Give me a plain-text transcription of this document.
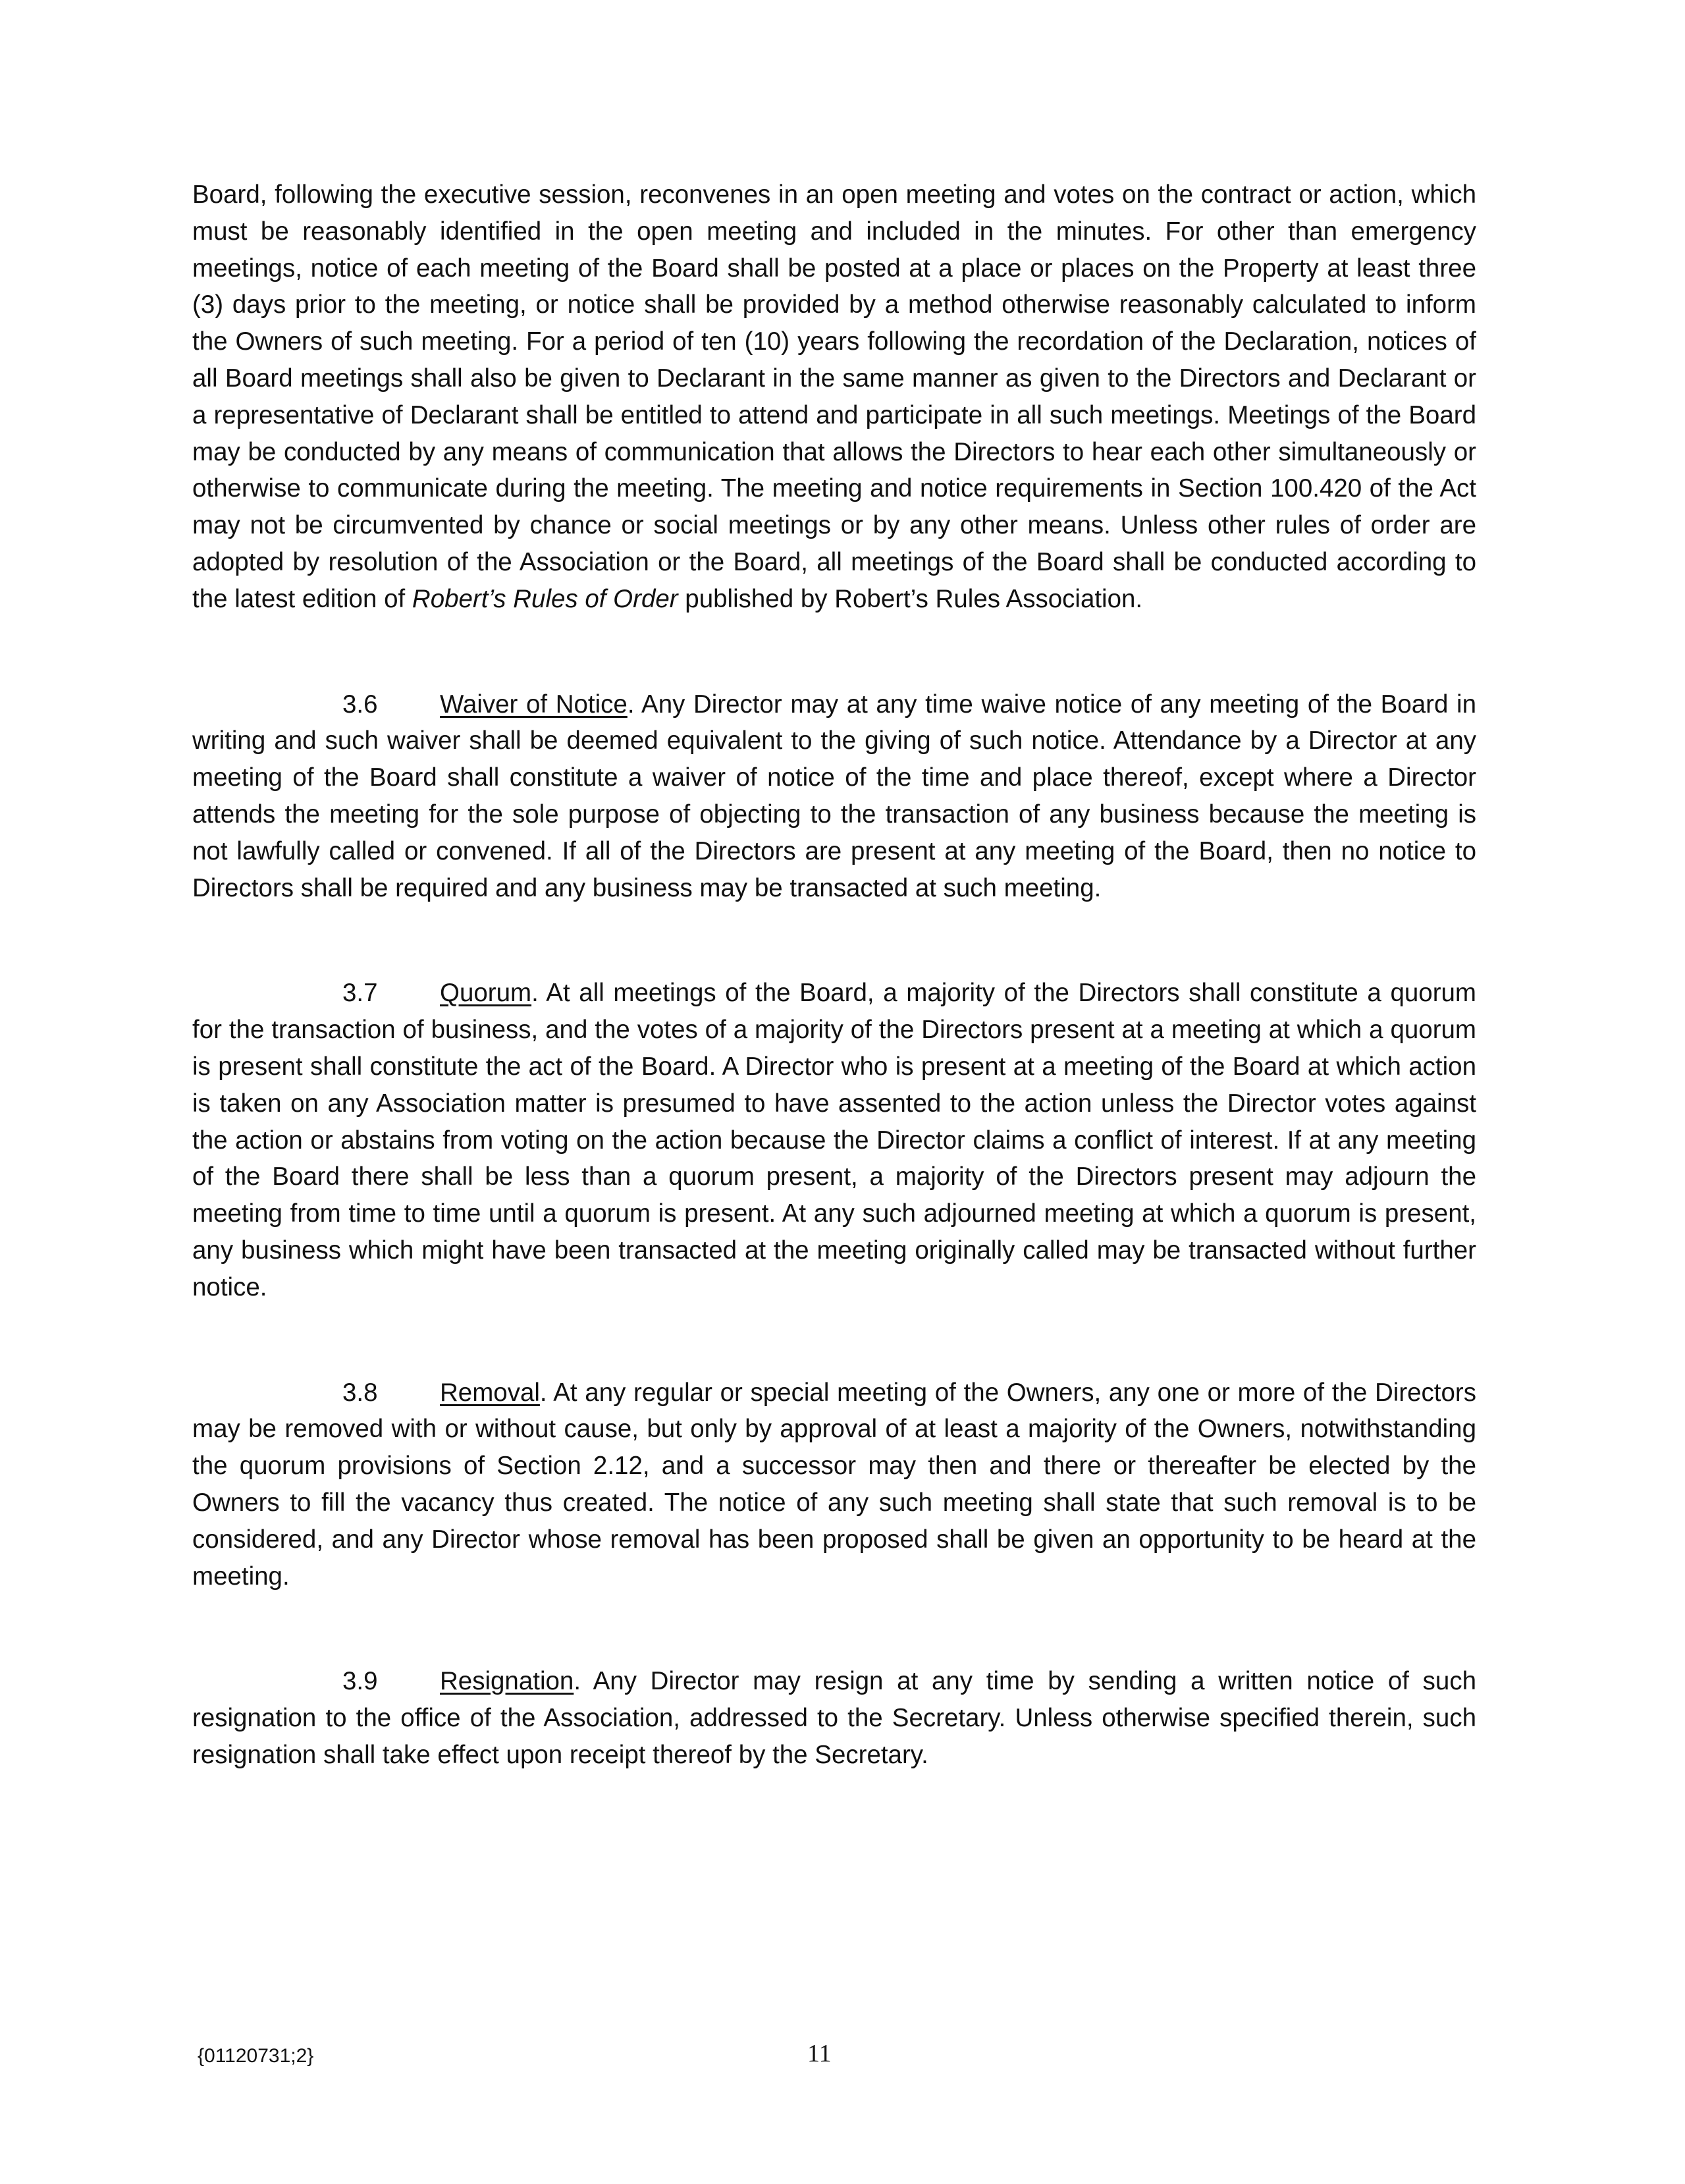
Board, following the executive session, reconvenes in an open meeting and votes on the contract or action, which must be reasonably identified in the open meeting and included in the minutes. For other than emergency meetings, notice of each meeting of the Board shall be posted at a place or places on the Property at least three (3) days prior to the meeting, or notice shall be provided by a method otherwise reasonably calculated to inform the Owners of such meeting. For a period of ten (10) years following the recordation of the Declaration, notices of all Board meetings shall also be given to Declarant in the same manner as given to the Directors and Declarant or a representative of Declarant shall be entitled to attend and participate in all such meetings. Meetings of the Board may be conducted by any means of communication that allows the Directors to hear each other simultaneously or otherwise to communicate during the meeting. The meeting and notice requirements in Section 100.420 of the Act may not be circumvented by chance or social meetings or by any other means. Unless other rules of order are adopted by resolution of the Association or the Board, all meetings of the Board shall be conducted according to the latest edition of Robert’s Rules of Order published by Robert’s Rules Association.

3.6 Waiver of Notice. Any Director may at any time waive notice of any meeting of the Board in writing and such waiver shall be deemed equivalent to the giving of such notice. Attendance by a Director at any meeting of the Board shall constitute a waiver of notice of the time and place thereof, except where a Director attends the meeting for the sole purpose of objecting to the transaction of any business because the meeting is not lawfully called or convened. If all of the Directors are present at any meeting of the Board, then no notice to Directors shall be required and any business may be transacted at such meeting.

3.7 Quorum. At all meetings of the Board, a majority of the Directors shall constitute a quorum for the transaction of business, and the votes of a majority of the Directors present at a meeting at which a quorum is present shall constitute the act of the Board. A Director who is present at a meeting of the Board at which action is taken on any Association matter is presumed to have assented to the action unless the Director votes against the action or abstains from voting on the action because the Director claims a conflict of interest. If at any meeting of the Board there shall be less than a quorum present, a majority of the Directors present may adjourn the meeting from time to time until a quorum is present. At any such adjourned meeting at which a quorum is present, any business which might have been transacted at the meeting originally called may be transacted without further notice.

3.8 Removal. At any regular or special meeting of the Owners, any one or more of the Directors may be removed with or without cause, but only by approval of at least a majority of the Owners, notwithstanding the quorum provisions of Section 2.12, and a successor may then and there or thereafter be elected by the Owners to fill the vacancy thus created. The notice of any such meeting shall state that such removal is to be considered, and any Director whose removal has been proposed shall be given an opportunity to be heard at the meeting.

3.9 Resignation. Any Director may resign at any time by sending a written notice of such resignation to the office of the Association, addressed to the Secretary. Unless otherwise specified therein, such resignation shall take effect upon receipt thereof by the Secretary.

{01120731;2}	11
